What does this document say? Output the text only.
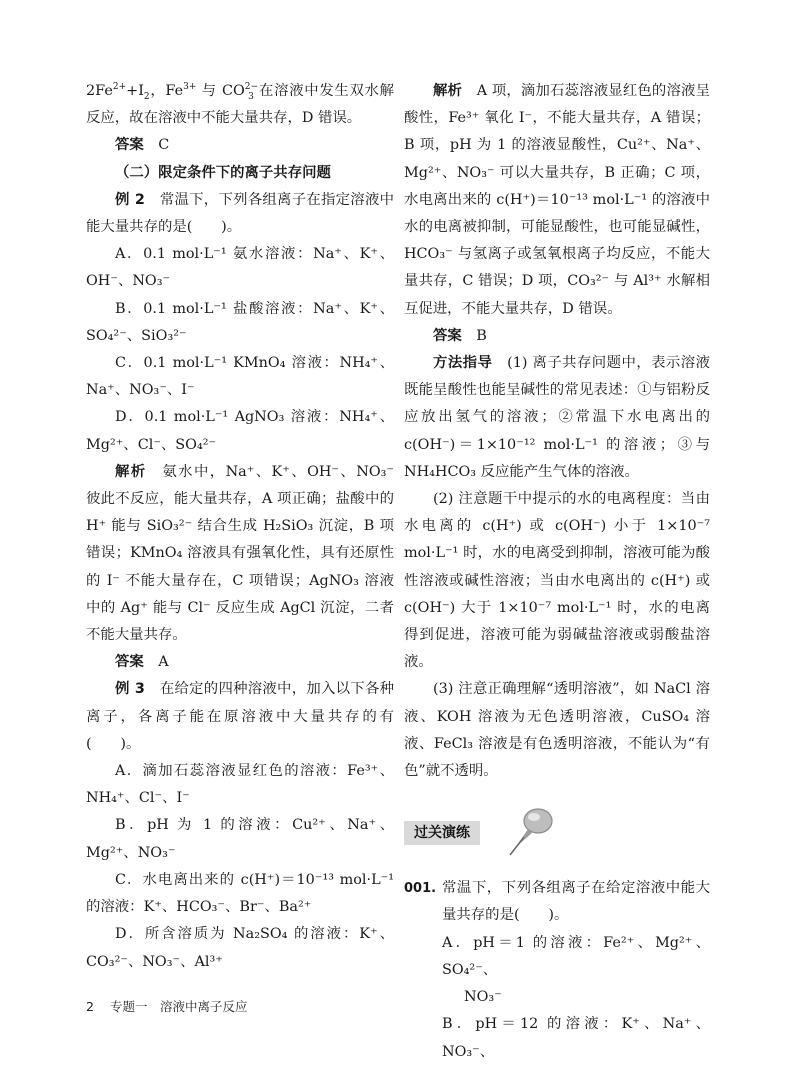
$2Fe^{2+}+I_2$，$Fe^{3+}$ 与 $CO^{2-}_3$ 在溶液中发生双水解反应，故在溶液中不能大量共存，D 错误。

答案　 C

（二）限定条件下的离子共存问题

例 2　 常温下，下列各组离子在指定溶液中能大量共存的是(　　)。

A．0.1 mol·L⁻¹ 氨水溶液：Na⁺、K⁺、OH⁻、NO₃⁻

B．0.1 mol·L⁻¹ 盐酸溶液：Na⁺、K⁺、SO₄²⁻、SiO₃²⁻

C．0.1 mol·L⁻¹ KMnO₄ 溶液：NH₄⁺、Na⁺、NO₃⁻、I⁻

D．0.1 mol·L⁻¹ AgNO₃ 溶液：NH₄⁺、Mg²⁺、Cl⁻、SO₄²⁻

解析　 氨水中，Na⁺、K⁺、OH⁻、NO₃⁻ 彼此不反应，能大量共存，A 项正确；盐酸中的 H⁺ 能与 SiO₃²⁻ 结合生成 H₂SiO₃ 沉淀，B 项错误；KMnO₄ 溶液具有强氧化性，具有还原性的 I⁻ 不能大量存在，C 项错误；AgNO₃ 溶液中的 Ag⁺ 能与 Cl⁻ 反应生成 AgCl 沉淀，二者不能大量共存。

答案　 A

例 3　 在给定的四种溶液中，加入以下各种离子，各离子能在原溶液中大量共存的有(　　)。

A．滴加石蕊溶液显红色的溶液：Fe³⁺、NH₄⁺、Cl⁻、I⁻

B．pH 为 1 的溶液：Cu²⁺、Na⁺、Mg²⁺、NO₃⁻

C．水电离出来的 c(H⁺)＝10⁻¹³ mol·L⁻¹ 的溶液：K⁺、HCO₃⁻、Br⁻、Ba²⁺

D．所含溶质为 Na₂SO₄ 的溶液：K⁺、CO₃²⁻、NO₃⁻、Al³⁺

解析　 A 项，滴加石蕊溶液显红色的溶液呈酸性，Fe³⁺ 氧化 I⁻，不能大量共存，A 错误；B 项，pH 为 1 的溶液显酸性，Cu²⁺、Na⁺、Mg²⁺、NO₃⁻ 可以大量共存，B 正确；C 项，水电离出来的 c(H⁺)＝10⁻¹³ mol·L⁻¹ 的溶液中水的电离被抑制，可能显酸性，也可能显碱性，HCO₃⁻ 与氢离子或氢氧根离子均反应，不能大量共存，C 错误；D 项，CO₃²⁻ 与 Al³⁺ 水解相互促进，不能大量共存，D 错误。

答案　 B

方法指导　 (1) 离子共存问题中，表示溶液既能呈酸性也能呈碱性的常见表述：①与铝粉反应放出氢气的溶液；②常温下水电离出的 c(OH⁻)＝1×10⁻¹² mol·L⁻¹ 的溶液；③与 NH₄HCO₃ 反应能产生气体的溶液。

(2) 注意题干中提示的水的电离程度：当由水电离的 c(H⁺) 或 c(OH⁻) 小于 1×10⁻⁷ mol·L⁻¹ 时，水的电离受到抑制，溶液可能为酸性溶液或碱性溶液；当由水电离出的 c(H⁺) 或 c(OH⁻) 大于 1×10⁻⁷ mol·L⁻¹ 时，水的电离得到促进，溶液可能为弱碱盐溶液或弱酸盐溶液。

(3) 注意正确理解“透明溶液”，如 NaCl 溶液、KOH 溶液为无色透明溶液，CuSO₄ 溶液、FeCl₃ 溶液是有色透明溶液，不能认为“有色”就不透明。

过关演练
001. 常温下，下列各组离子在给定溶液中能大量共存的是(　　)。

A．pH＝1 的溶液：Fe²⁺、Mg²⁺、SO₄²⁻、

NO₃⁻

B．pH＝12 的溶液：K⁺、Na⁺、NO₃⁻、

2 专题一　溶液中离子反应
